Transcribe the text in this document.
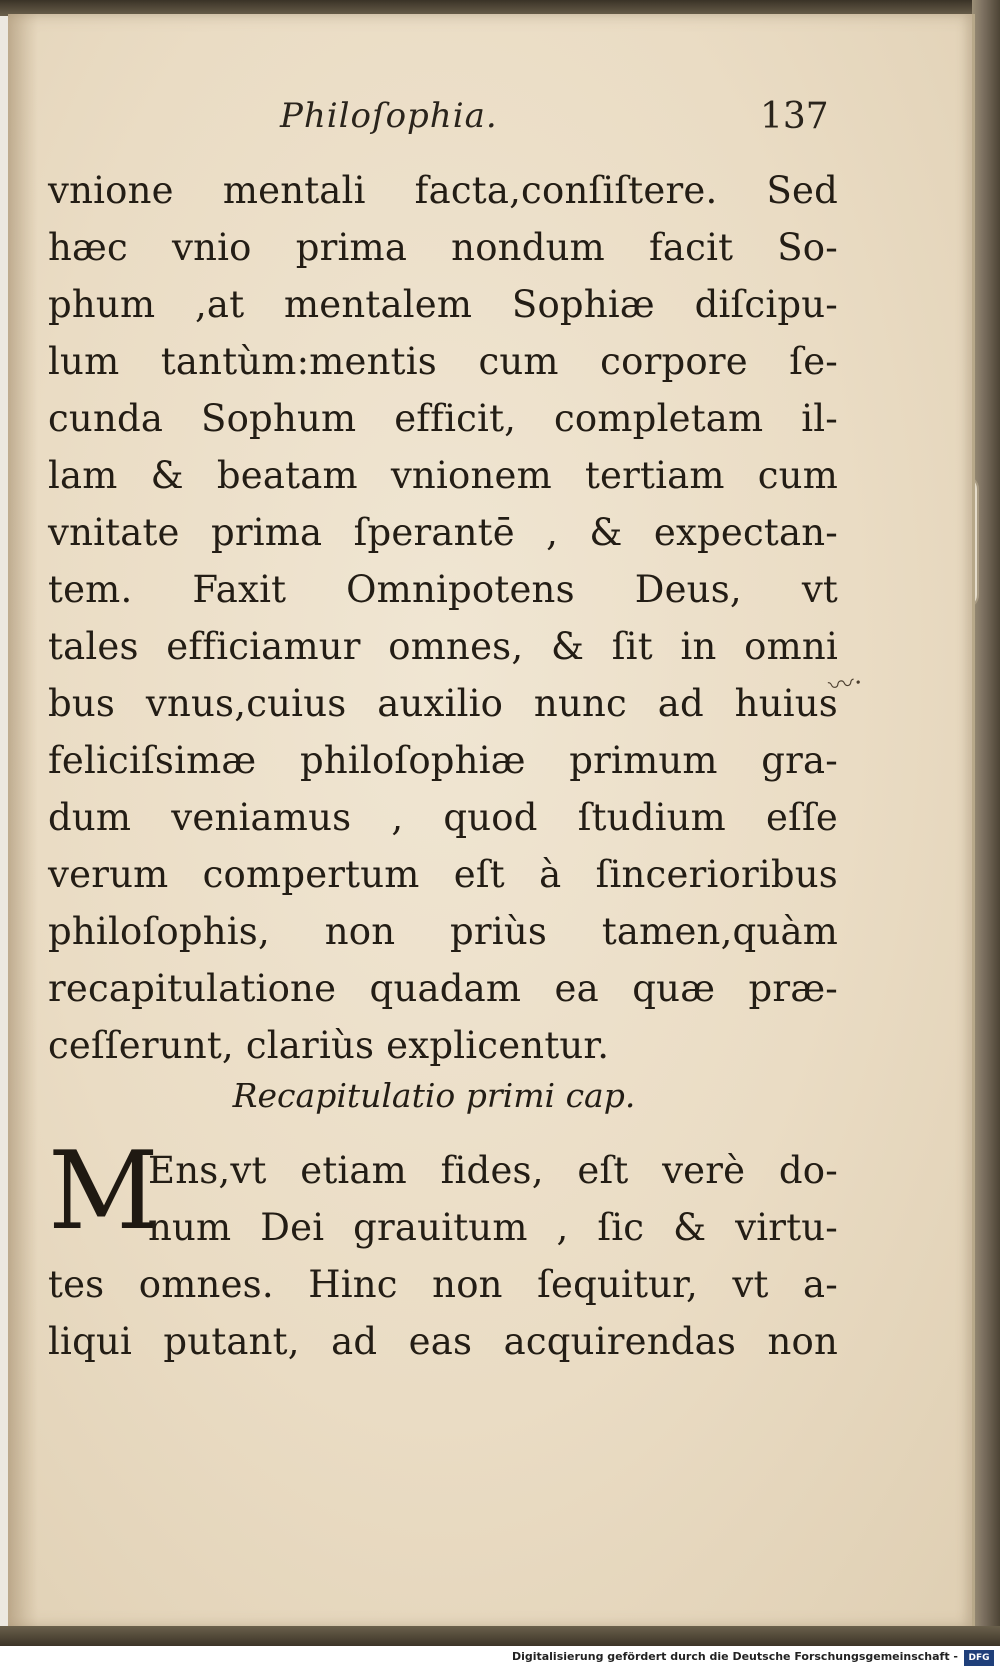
Philoſophia.	137
vnione mentali facta,conſiſtere. Sed
hæc vnio prima nondum facit So-
phum ,at mentalem Sophiæ diſcipu-
lum tantùm:mentis cum corpore ſe-
cunda Sophum efficit, completam il-
lam & beatam vnionem tertiam cum
vnitate prima ſperantē , & expectan-
tem. Faxit Omnipotens Deus, vt
tales efficiamur omnes, & ſit in omni
bus vnus,cuius auxilio nunc ad huius
feliciſsimæ philoſophiæ primum gra-
dum veniamus , quod ſtudium eſſe
verum compertum eſt à ſincerioribus
philoſophis, non priùs tamen,quàm
recapitulatione quadam ea quæ præ-
ceſſerunt, clariùs explicentur.
〰·
Recapitulatio primi cap.
M
Ens,vt etiam fides, eſt verè do-
num Dei grauitum , ſic & virtu-
tes omnes. Hinc non ſequitur, vt a-
liqui putant, ad eas acquirendas non
Digitalisierung gefördert durch die Deutsche Forschungsgemeinschaft -	DFG
